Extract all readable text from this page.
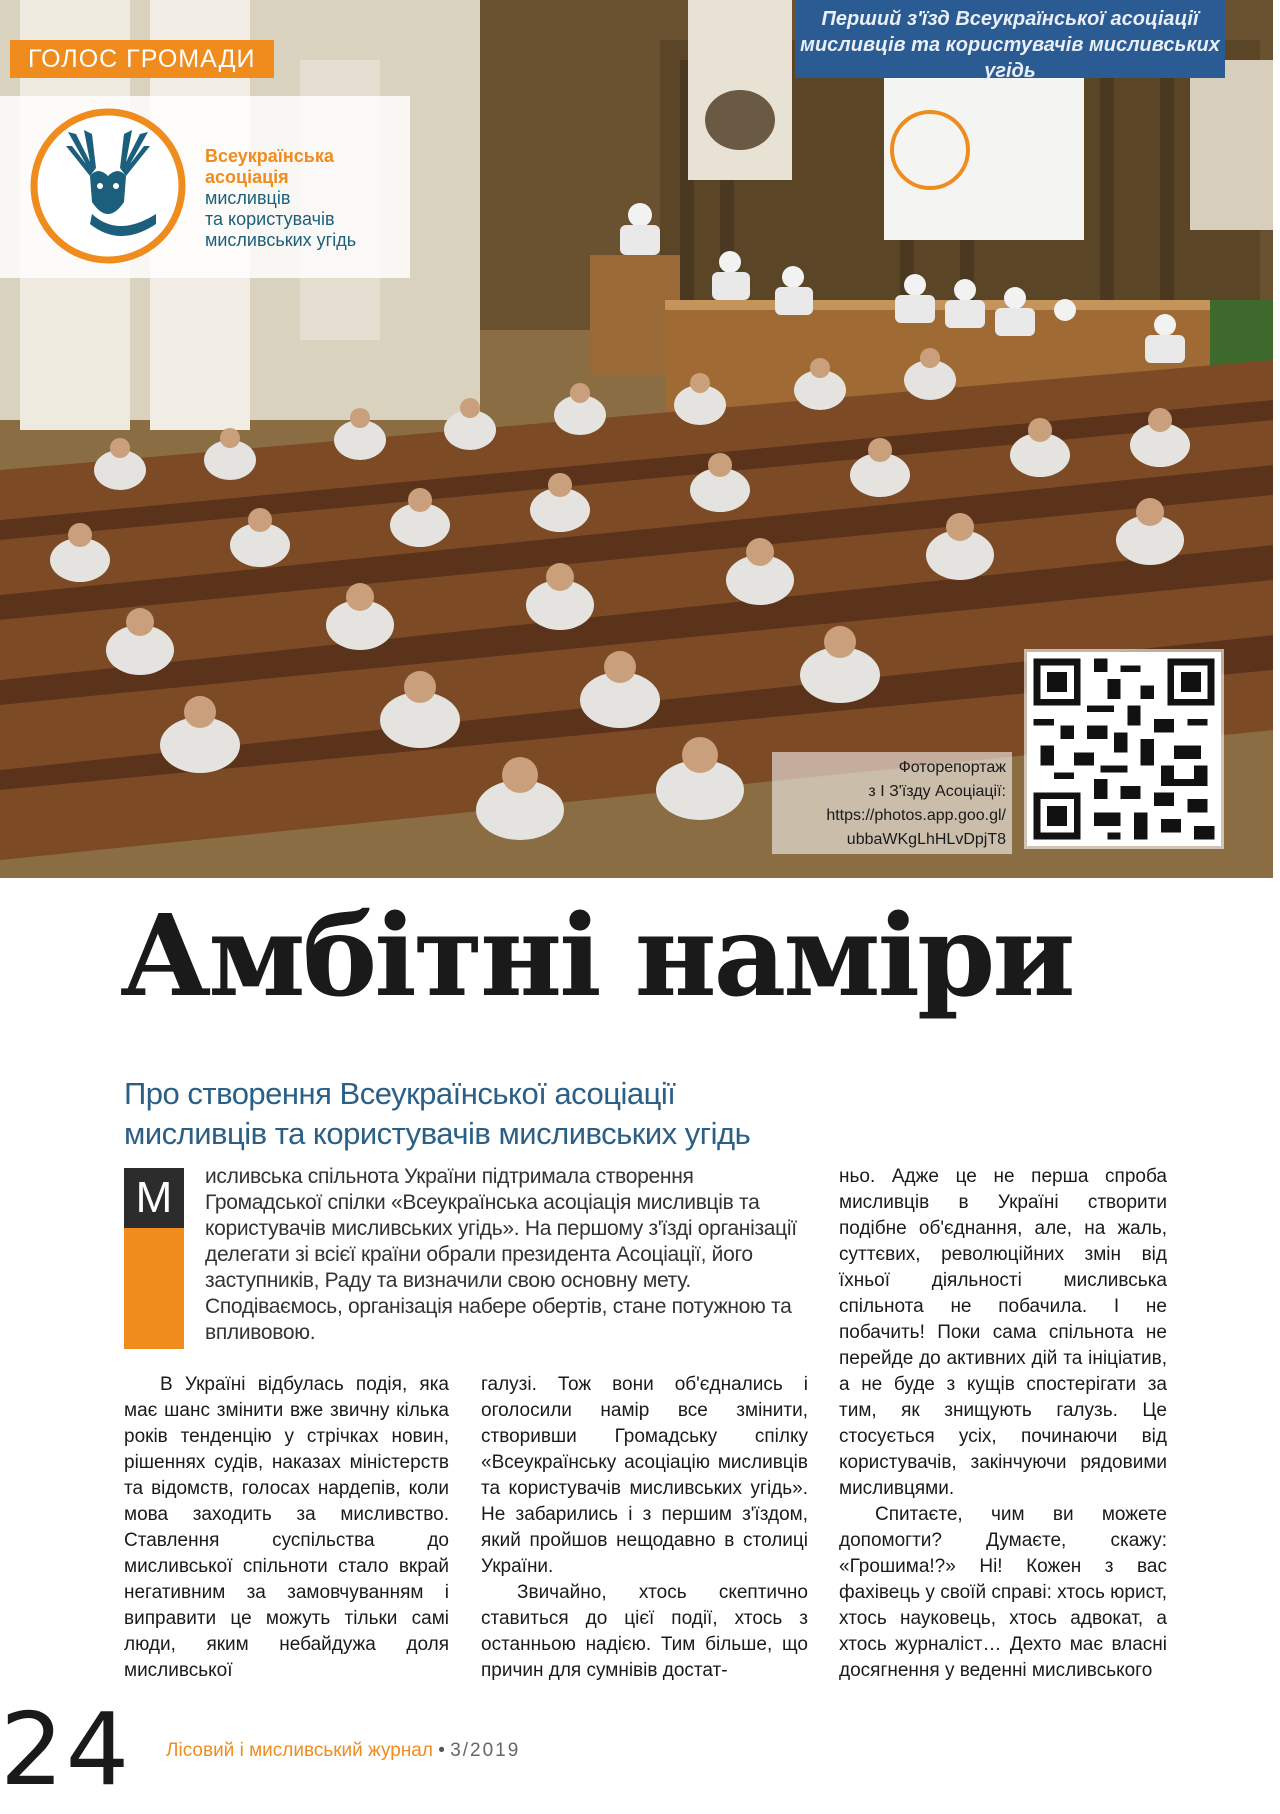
Перший з'їзд Всеукраїнської асоціації
мисливців та користувачів мисливських угідь
ГОЛОС ГРОМАДИ
Всеукраїнська
асоціація
мисливців
та користувачів
мисливських угідь
Фоторепортаж
з I З'їзду Асоціації:
https://photos.app.goo.gl/
ubbaWKgLhHLvDpjT8
Амбітні наміри
Про створення Всеукраїнської асоціації
мисливців та користувачів мисливських угідь
М	исливська спільнота України підтримала створення Громадської спілки «Всеукраїнська асоціація мисливців та користувачів мисливських угідь». На першому з'їзді організації делегати зі всієї країни обрали президента Асоціації, його заступників, Раду та визначили свою основну мету. Сподіваємось, організація набере обертів, стане потужною та впливовою.

В Україні відбулась подія, яка має шанс змінити вже звичну кілька років тенденцію у стрічках новин, рішеннях судів, наказах міністерств та відомств, голосах нардепів, коли мова заходить за мисливство. Ставлення суспільства до мисливської спільноти стало вкрай негативним за замовчуванням і виправити це можуть тільки самі люди, яким небайдужа доля мисливської

галузі. Тож вони об'єднались і оголосили намір все змінити, створивши Громадську спілку «Всеукраїнську асоціацію мисливців та користувачів мисливських угідь». Не забарились і з першим з'їздом, який пройшов нещодавно в столиці України.

Звичайно, хтось скептично ставиться до цієї події, хтось з останньою надією. Тим більше, що причин для сумнівів достат-

ньо. Адже це не перша спроба мисливців в Україні створити подібне об'єднання, але, на жаль, суттєвих, революційних змін від їхньої діяльності мисливська спільнота не побачила. І не побачить! Поки сама спільнота не перейде до активних дій та ініціатив, а не буде з кущів спостерігати за тим, як знищують галузь. Це стосується усіх, починаючи від користувачів, закінчуючи рядовими мисливцями.

Спитаєте, чим ви можете допомогти? Думаєте, скажу: «Грошима!?» Ні! Кожен з вас фахівець у своїй справі: хтось юрист, хтось науковець, хтось адвокат, а хтось журналіст… Дехто має власні досягнення у веденні мисливського

24 Лісовий і мисливський журнал • 3/2019
